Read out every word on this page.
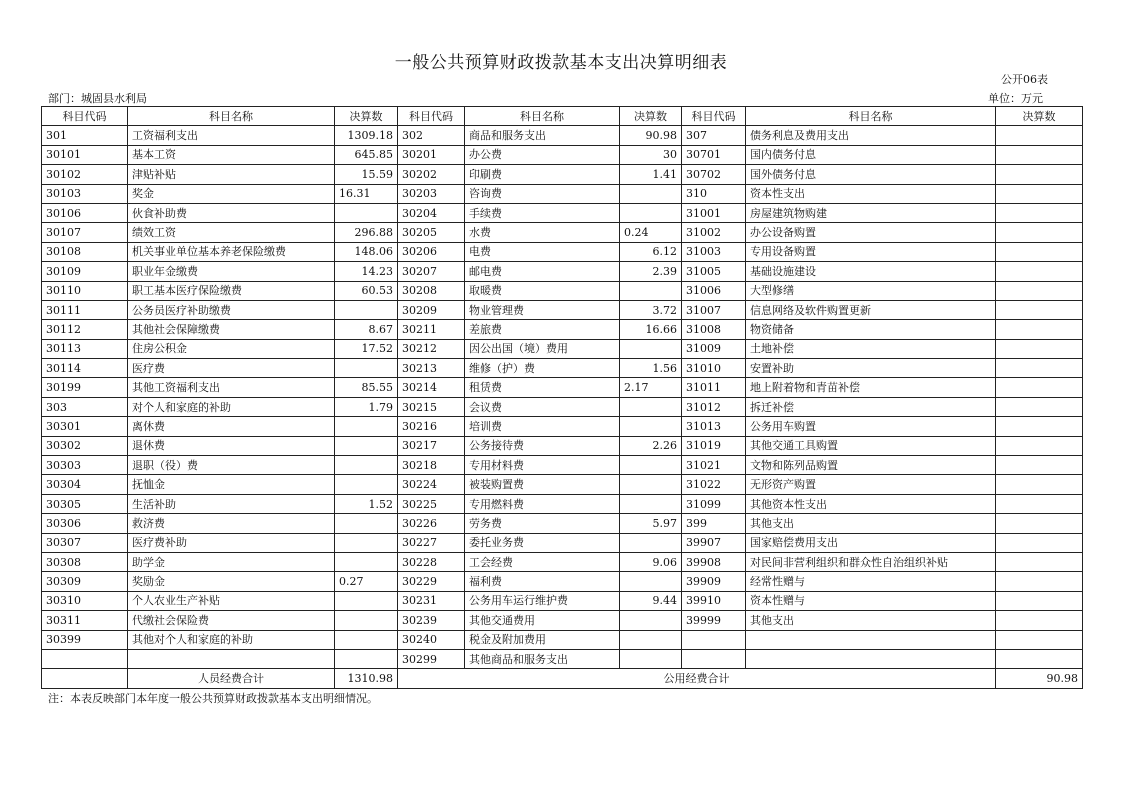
一般公共预算财政拨款基本支出决算明细表
公开06表
部门：城固县水利局	单位：万元
科目代码	科目名称	决算数	科目代码	科目名称	决算数	科目代码	科目名称	决算数
301	工资福利支出	1309.18	302	商品和服务支出	90.98	307	债务利息及费用支出	
30101	基本工资	645.85	30201	办公费	30	30701	国内债务付息	
30102	津贴补贴	15.59	30202	印刷费	1.41	30702	国外债务付息	
30103	奖金	16.31	30203	咨询费		310	资本性支出	
30106	伙食补助费		30204	手续费		31001	房屋建筑物购建	
30107	绩效工资	296.88	30205	水费	0.24	31002	办公设备购置	
30108	机关事业单位基本养老保险缴费	148.06	30206	电费	6.12	31003	专用设备购置	
30109	职业年金缴费	14.23	30207	邮电费	2.39	31005	基础设施建设	
30110	职工基本医疗保险缴费	60.53	30208	取暖费		31006	大型修缮	
30111	公务员医疗补助缴费		30209	物业管理费	3.72	31007	信息网络及软件购置更新	
30112	其他社会保障缴费	8.67	30211	差旅费	16.66	31008	物资储备	
30113	住房公积金	17.52	30212	因公出国（境）费用		31009	土地补偿	
30114	医疗费		30213	维修（护）费	1.56	31010	安置补助	
30199	其他工资福利支出	85.55	30214	租赁费	2.17	31011	地上附着物和青苗补偿	
303	对个人和家庭的补助	1.79	30215	会议费		31012	拆迁补偿	
30301	离休费		30216	培训费		31013	公务用车购置	
30302	退休费		30217	公务接待费	2.26	31019	其他交通工具购置	
30303	退职（役）费		30218	专用材料费		31021	文物和陈列品购置	
30304	抚恤金		30224	被装购置费		31022	无形资产购置	
30305	生活补助	1.52	30225	专用燃料费		31099	其他资本性支出	
30306	救济费		30226	劳务费	5.97	399	其他支出	
30307	医疗费补助		30227	委托业务费		39907	国家赔偿费用支出	
30308	助学金		30228	工会经费	9.06	39908	对民间非营利组织和群众性自治组织补贴	
30309	奖励金	0.27	30229	福利费		39909	经常性赠与	
30310	个人农业生产补贴		30231	公务用车运行维护费	9.44	39910	资本性赠与	
30311	代缴社会保险费		30239	其他交通费用		39999	其他支出	
30399	其他对个人和家庭的补助		30240	税金及附加费用				
			30299	其他商品和服务支出				
	人员经费合计	1310.98	公用经费合计					90.98
注：本表反映部门本年度一般公共预算财政拨款基本支出明细情况。
